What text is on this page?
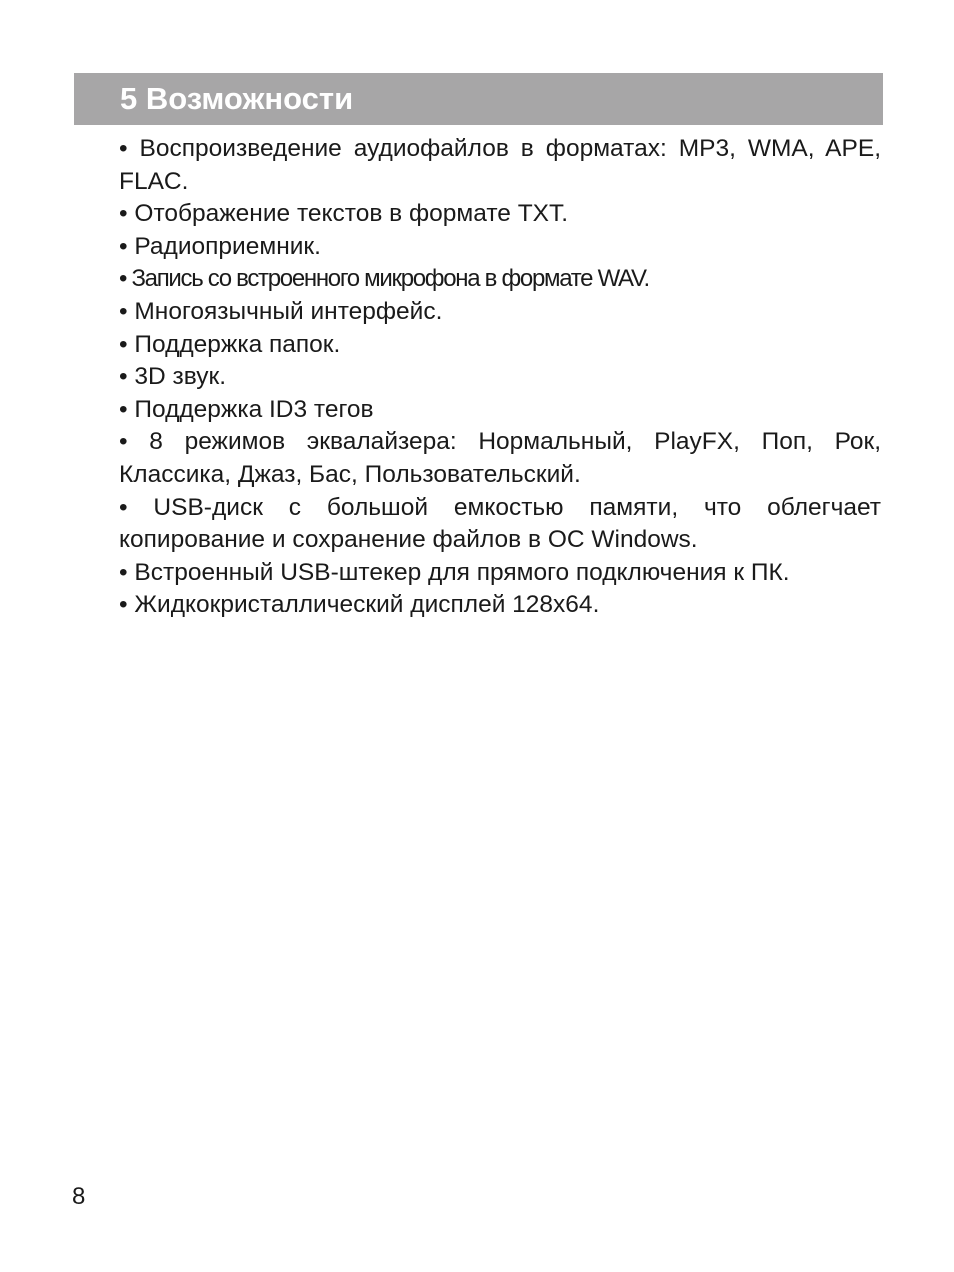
5 Возможности

• Воспроизведение аудиофайлов в форматах: MP3, WMA, APE, FLAC.

• Отображение текстов в формате TXT.

• Радиоприемник.

• Запись со встроенного микрофона в формате WAV.

• Многоязычный интерфейс.

• Поддержка папок.

• 3D звук.

• Поддержка ID3 тегов

• 8 режимов эквалайзера: Нормальный, PlayFX, Поп, Рок, Классика, Джаз, Бас, Пользовательский.

• USB-диск с большой емкостью памяти, что облегчает копирование и сохранение файлов в ОС Windows.

• Встроенный USB-штекер для прямого подключения к ПК.

• Жидкокристаллический дисплей 128x64.

8
